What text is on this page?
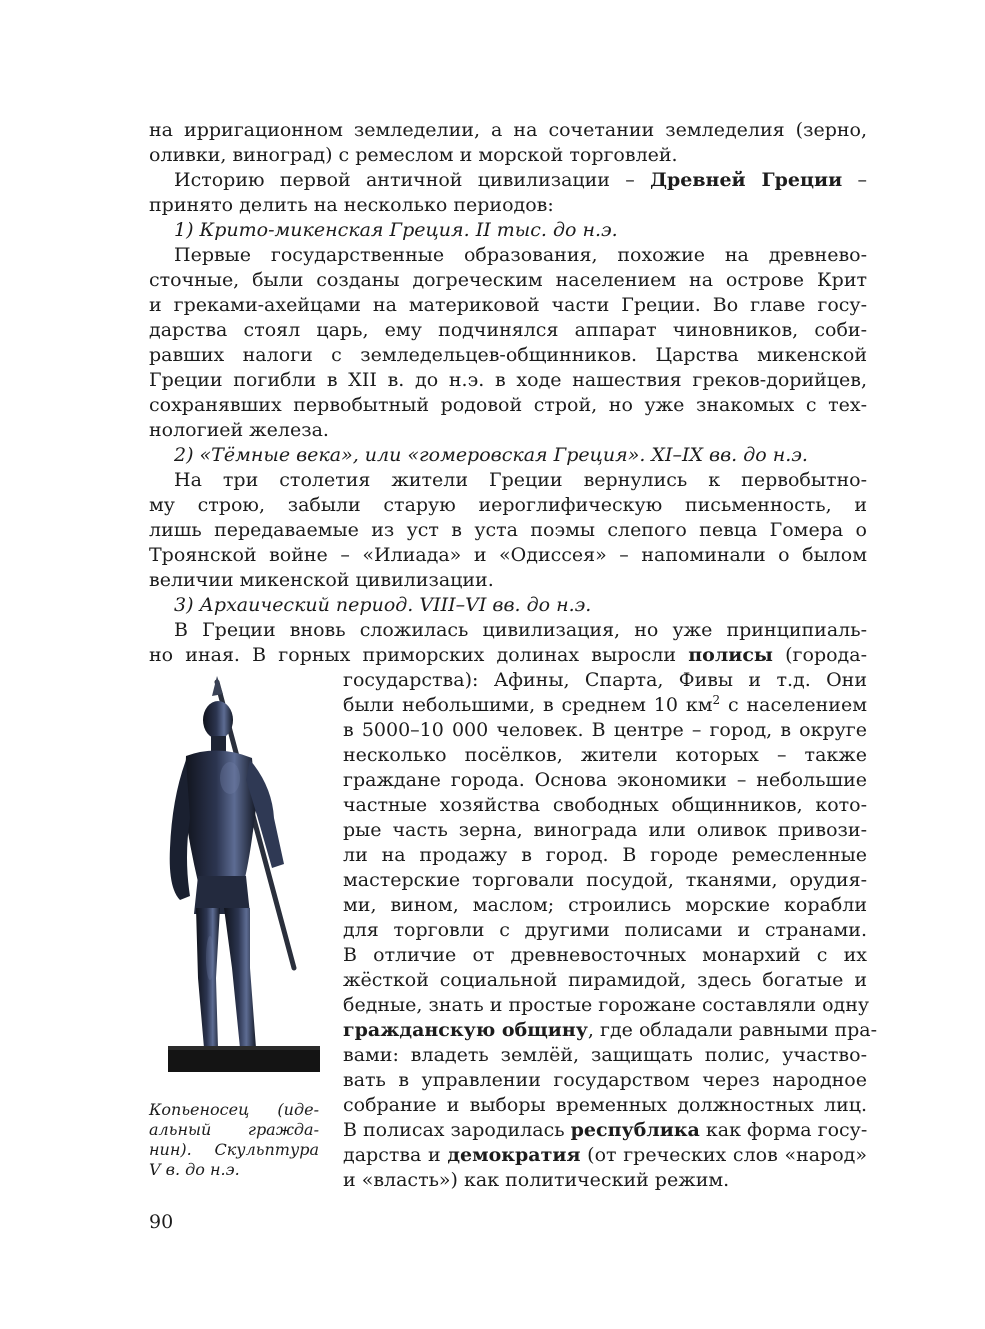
на ирригационном земледелии, а на сочетании земледелия (зерно,
оливки, виноград) с ремеслом и морской торговлей.
Историю первой античной цивилизации – Древней Греции –
принято делить на несколько периодов:
1) Крито-микенская Греция. II тыс. до н.э.
Первые государственные образования, похожие на древнево-
сточные, были созданы догреческим населением на острове Крит
и греками-ахейцами на материковой части Греции. Во главе госу-
дарства стоял царь, ему подчинялся аппарат чиновников, соби-
равших налоги с земледельцев-общинников. Царства микенской
Греции погибли в XII в. до н.э. в ходе нашествия греков-дорийцев,
сохранявших первобытный родовой строй, но уже знакомых с тех-
нологией железа.
2) «Тёмные века», или «гомеровская Греция». XI–IX вв. до н.э.
На три столетия жители Греции вернулись к первобытно-
му строю, забыли старую иероглифическую письменность, и
лишь передаваемые из уст в уста поэмы слепого певца Гомера о
Троянской войне – «Илиада» и «Одиссея» – напоминали о былом
величии микенской цивилизации.
3) Архаический период. VIII–VI вв. до н.э.
В Греции вновь сложилась цивилизация, но уже принципиаль-
но иная. В горных приморских долинах выросли полисы (города-
государства): Афины, Спарта, Фивы и т.д. Они
были небольшими, в среднем 10 $км^2$ с населением
в 5000–10 000 человек. В центре – город, в округе
несколько посёлков, жители которых – также
граждане города. Основа экономики – небольшие
частные хозяйства свободных общинников, кото-
рые часть зерна, винограда или оливок привози-
ли на продажу в город. В городе ремесленные
мастерские торговали посудой, тканями, орудия-
ми, вином, маслом; строились морские корабли
для торговли с другими полисами и странами.
В отличие от древневосточных монархий с их
жёсткой социальной пирамидой, здесь богатые и
бедные, знать и простые горожане составляли одну
гражданскую общину, где обладали равными пра-
вами: владеть землёй, защищать полис, участво-
вать в управлении государством через народное
собрание и выборы временных должностных лиц.
В полисах зародилась республика как форма госу-
дарства и демократия (от греческих слов «народ»
и «власть») как политический режим.
Копьеносец (иде-
альный гражда-
нин). Скульптура
V в. до н.э.
90
